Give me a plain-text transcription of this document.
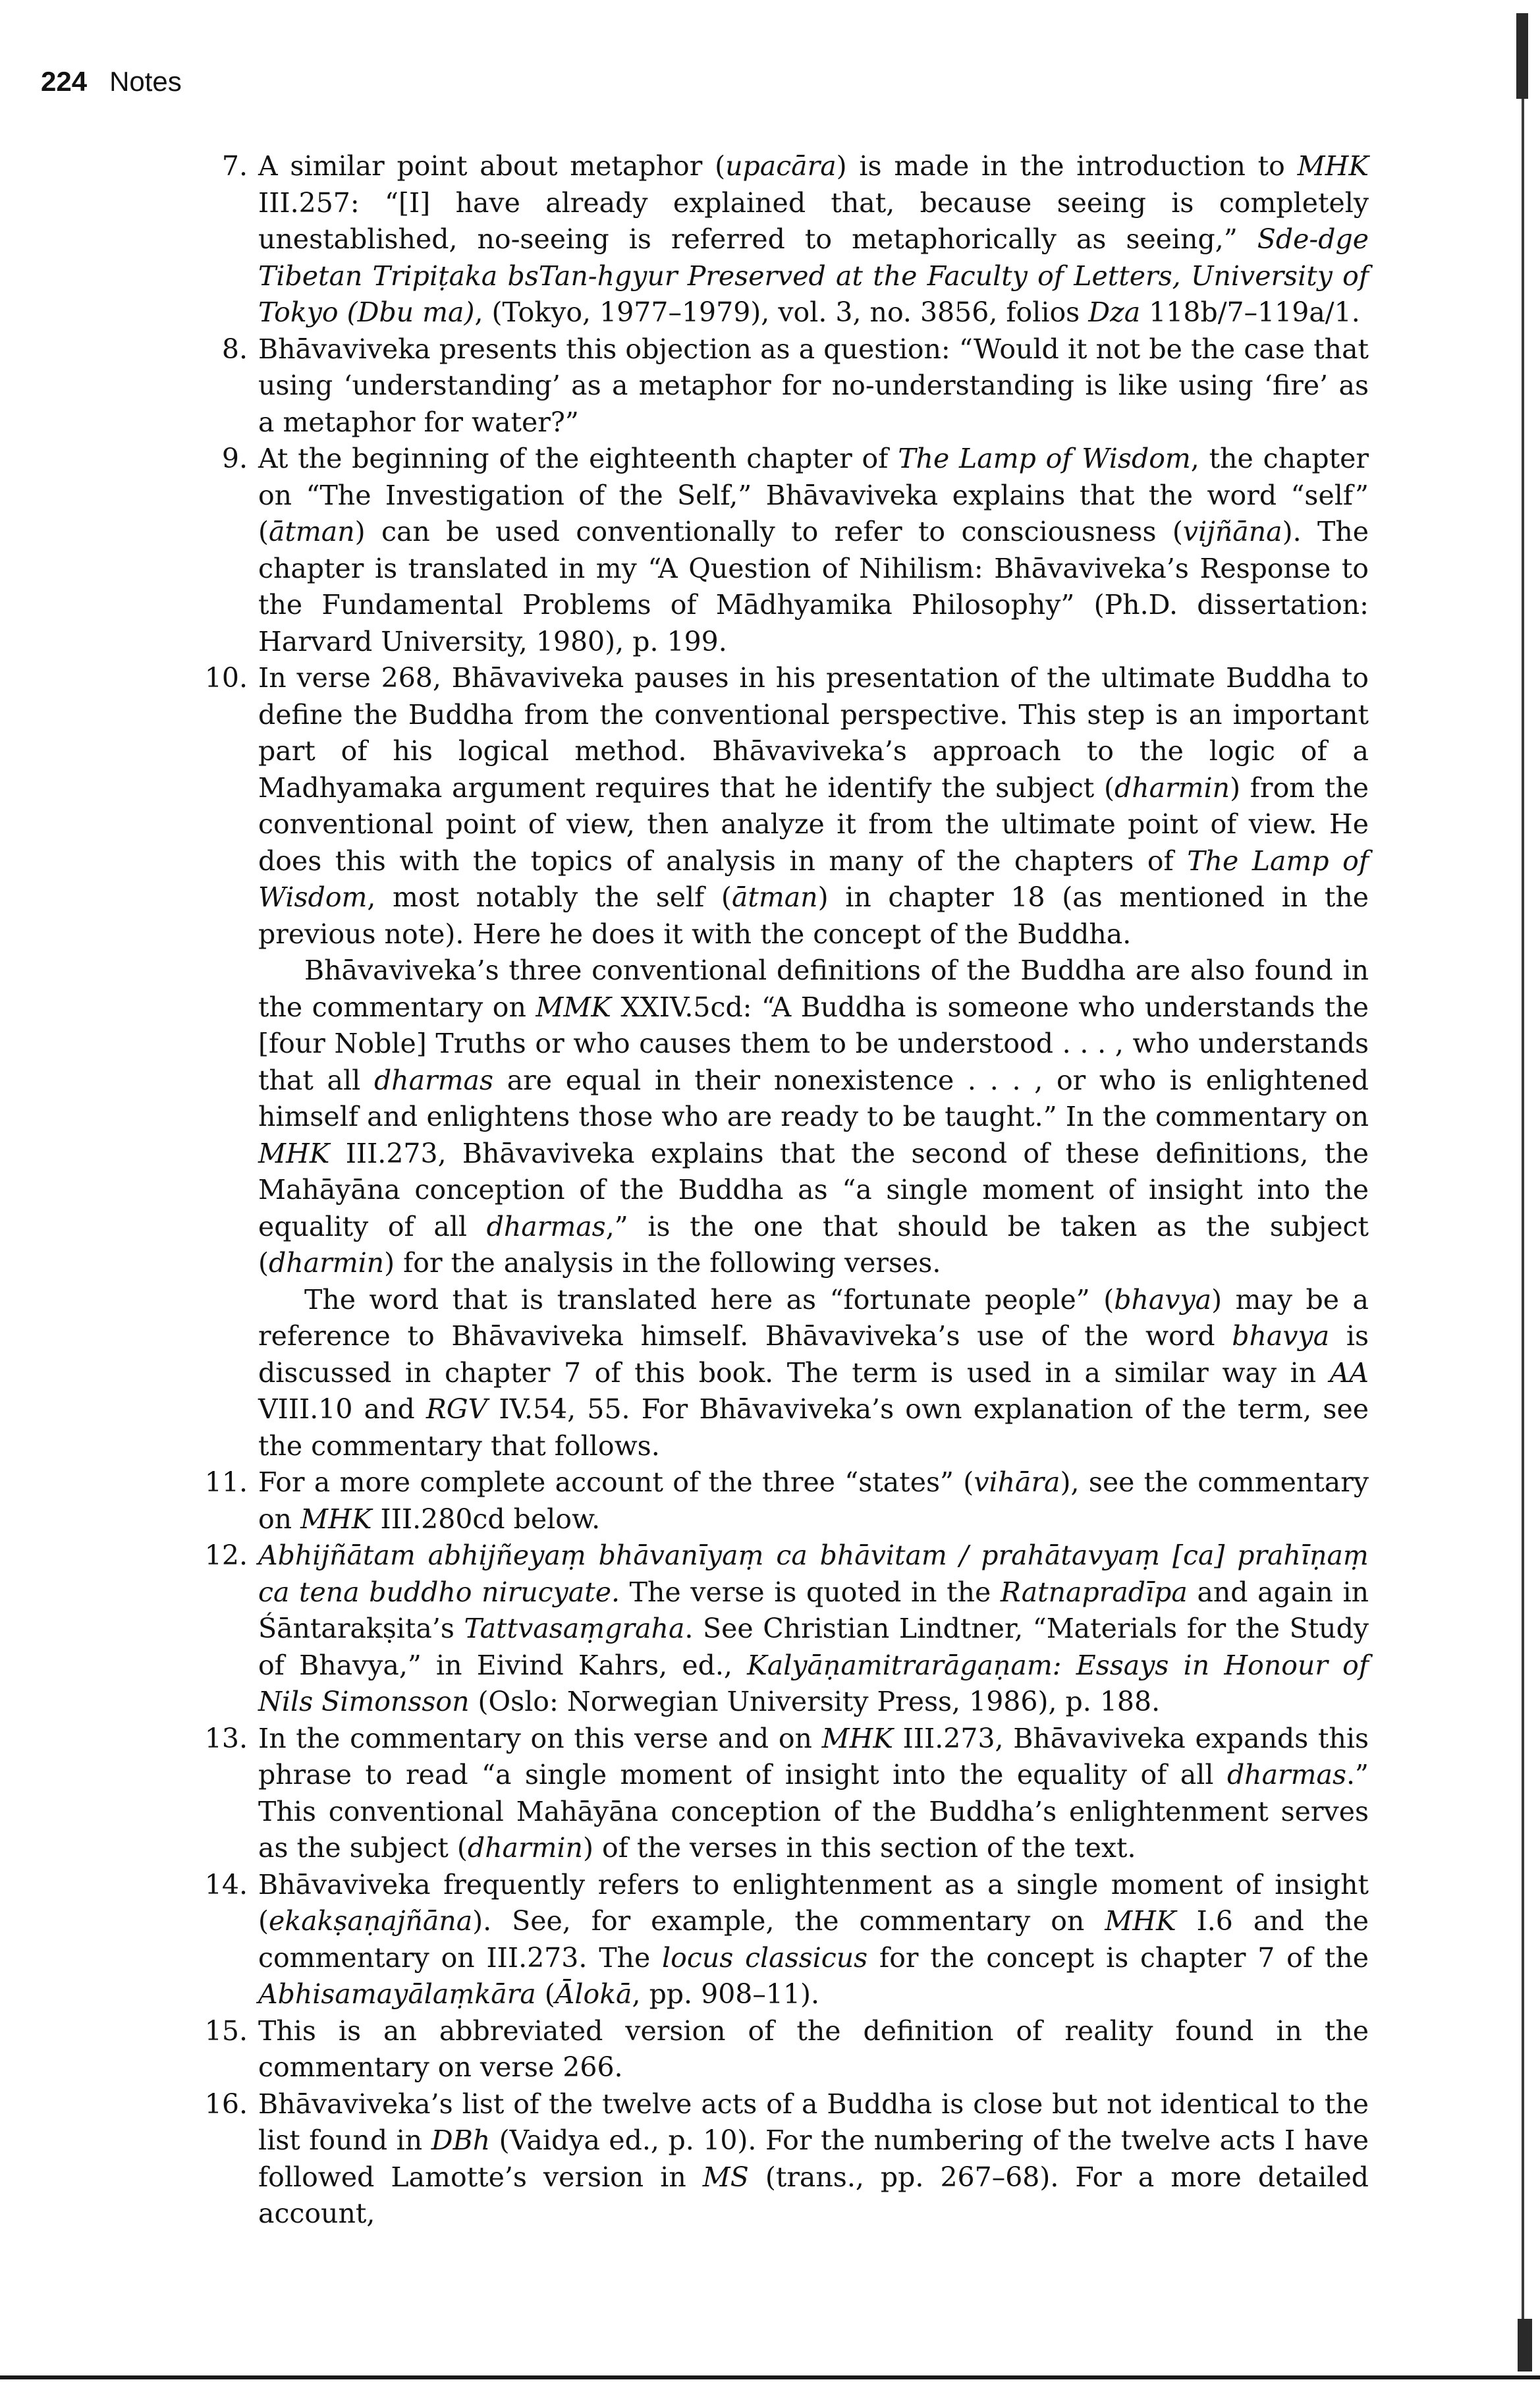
224 Notes
7. A similar point about metaphor (upacāra) is made in the introduction to MHK III.257: “[I] have already explained that, because seeing is completely unestablished, no-seeing is referred to metaphorically as seeing,” Sde-dge Tibetan Tripiṭaka bsTan-hgyur Preserved at the Faculty of Letters, University of Tokyo (Dbu ma), (Tokyo, 1977–1979), vol. 3, no. 3856, folios Dza 118b/7–119a/1.

8. Bhāvaviveka presents this objection as a question: “Would it not be the case that using ‘understanding’ as a metaphor for no-understanding is like using ‘fire’ as a metaphor for water?”

9. At the beginning of the eighteenth chapter of The Lamp of Wisdom, the chapter on “The Investigation of the Self,” Bhāvaviveka explains that the word “self” (ātman) can be used conventionally to refer to consciousness (vijñāna). The chapter is translated in my “A Question of Nihilism: Bhāvaviveka’s Response to the Fundamental Problems of Mādhyamika Philosophy” (Ph.D. dissertation: Harvard University, 1980), p. 199.

10. In verse 268, Bhāvaviveka pauses in his presentation of the ultimate Buddha to define the Buddha from the conventional perspective. This step is an important part of his logical method. Bhāvaviveka’s approach to the logic of a Madhyamaka argument requires that he identify the subject (dharmin) from the conventional point of view, then analyze it from the ultimate point of view. He does this with the topics of analysis in many of the chapters of The Lamp of Wisdom, most notably the self (ātman) in chapter 18 (as mentioned in the previous note). Here he does it with the concept of the Buddha.

Bhāvaviveka’s three conventional definitions of the Buddha are also found in the commentary on MMK XXIV.5cd: “A Buddha is someone who understands the [four Noble] Truths or who causes them to be understood . . . , who understands that all dharmas are equal in their nonexistence . . . , or who is enlightened himself and enlightens those who are ready to be taught.” In the commentary on MHK III.273, Bhāvaviveka explains that the second of these definitions, the Mahāyāna conception of the Buddha as “a single moment of insight into the equality of all dharmas,” is the one that should be taken as the subject (dharmin) for the analysis in the following verses.

The word that is translated here as “fortunate people” (bhavya) may be a reference to Bhāvaviveka himself. Bhāvaviveka’s use of the word bhavya is discussed in chapter 7 of this book. The term is used in a similar way in AA VIII.10 and RGV IV.54, 55. For Bhāvaviveka’s own explanation of the term, see the commentary that follows.

11. For a more complete account of the three “states” (vihāra), see the commentary on MHK III.280cd below.

12. Abhijñātam abhijñeyaṃ bhāvanīyaṃ ca bhāvitam / prahātavyaṃ [ca] prahīṇaṃ ca tena buddho nirucyate. The verse is quoted in the Ratnapradīpa and again in Śāntarakṣita’s Tattvasaṃgraha. See Christian Lindtner, “Materials for the Study of Bhavya,” in Eivind Kahrs, ed., Kalyāṇamitrarāgaṇam: Essays in Honour of Nils Simonsson (Oslo: Norwegian University Press, 1986), p. 188.

13. In the commentary on this verse and on MHK III.273, Bhāvaviveka expands this phrase to read “a single moment of insight into the equality of all dharmas.” This conventional Mahāyāna conception of the Buddha’s enlightenment serves as the subject (dharmin) of the verses in this section of the text.

14. Bhāvaviveka frequently refers to enlightenment as a single moment of insight (ekakṣaṇajñāna). See, for example, the commentary on MHK I.6 and the commentary on III.273. The locus classicus for the concept is chapter 7 of the Abhisamayālaṃkāra (Ālokā, pp. 908–11).

15. This is an abbreviated version of the definition of reality found in the commentary on verse 266.

16. Bhāvaviveka’s list of the twelve acts of a Buddha is close but not identical to the list found in DBh (Vaidya ed., p. 10). For the numbering of the twelve acts I have followed Lamotte’s version in MS (trans., pp. 267–68). For a more detailed account,
